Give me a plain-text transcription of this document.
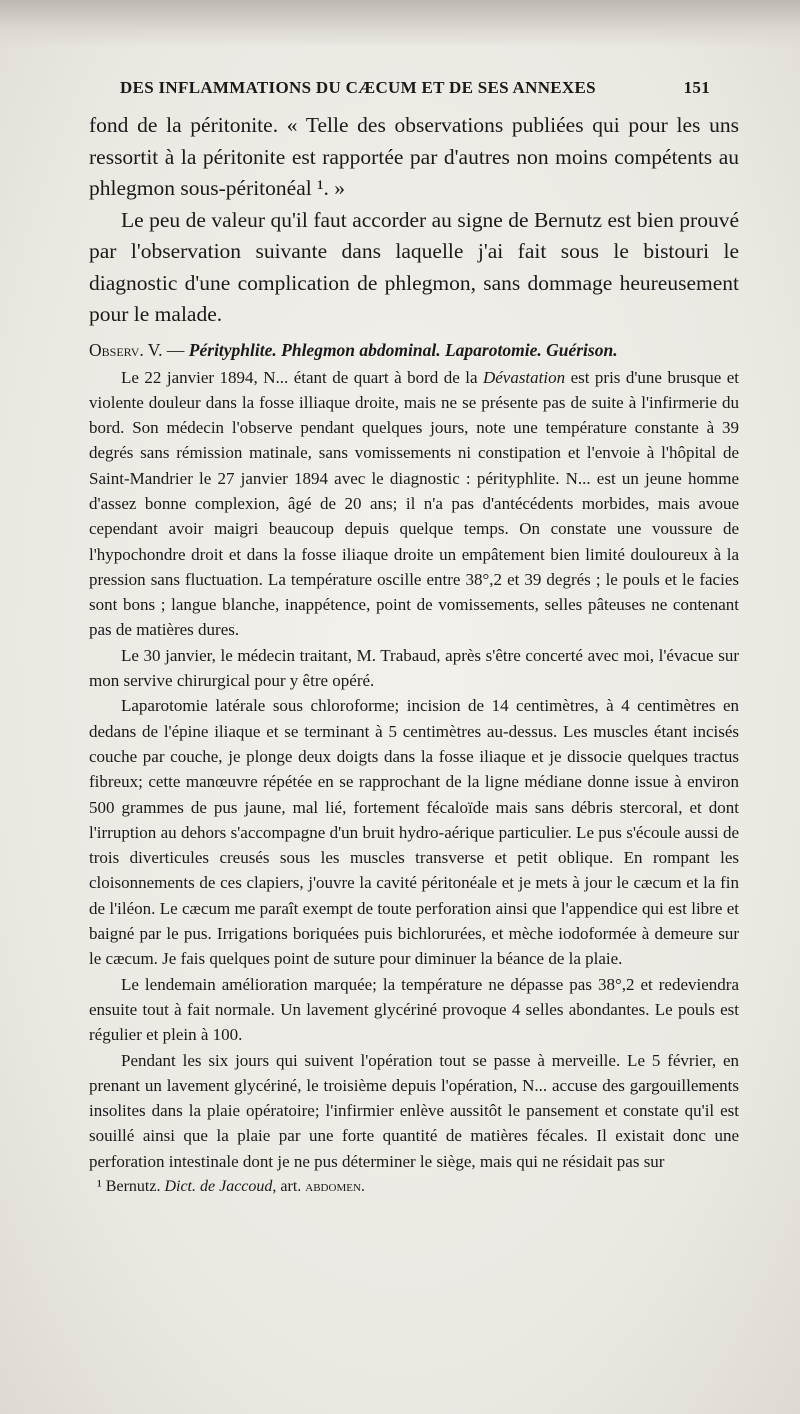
DES INFLAMMATIONS DU CÆCUM ET DE SES ANNEXES	151

fond de la péritonite. « Telle des observations publiées qui pour les uns ressortit à la péritonite est rapportée par d'autres non moins compétents au phlegmon sous-péritonéal ¹. »

Le peu de valeur qu'il faut accorder au signe de Bernutz est bien prouvé par l'observation suivante dans laquelle j'ai fait sous le bistouri le diagnostic d'une complication de phlegmon, sans dommage heureusement pour le malade.

Observ. V. — Pérityphlite. Phlegmon abdominal. Laparotomie. Guérison.

Le 22 janvier 1894, N... étant de quart à bord de la Dévastation est pris d'une brusque et violente douleur dans la fosse illiaque droite, mais ne se présente pas de suite à l'infirmerie du bord. Son médecin l'observe pendant quelques jours, note une température constante à 39 degrés sans rémission matinale, sans vomissements ni constipation et l'envoie à l'hôpital de Saint-Mandrier le 27 janvier 1894 avec le diagnostic : pérityphlite. N... est un jeune homme d'assez bonne complexion, âgé de 20 ans; il n'a pas d'antécédents morbides, mais avoue cependant avoir maigri beaucoup depuis quelque temps. On constate une voussure de l'hypochondre droit et dans la fosse iliaque droite un empâtement bien limité douloureux à la pression sans fluctuation. La température oscille entre 38°,2 et 39 degrés ; le pouls et le facies sont bons ; langue blanche, inappétence, point de vomissements, selles pâteuses ne contenant pas de matières dures.

Le 30 janvier, le médecin traitant, M. Trabaud, après s'être concerté avec moi, l'évacue sur mon servive chirurgical pour y être opéré.

Laparotomie latérale sous chloroforme; incision de 14 centimètres, à 4 centimètres en dedans de l'épine iliaque et se terminant à 5 centimètres au-dessus. Les muscles étant incisés couche par couche, je plonge deux doigts dans la fosse iliaque et je dissocie quelques tractus fibreux; cette manœuvre répétée en se rapprochant de la ligne médiane donne issue à environ 500 grammes de pus jaune, mal lié, fortement fécaloïde mais sans débris stercoral, et dont l'irruption au dehors s'accompagne d'un bruit hydro-aérique particulier. Le pus s'écoule aussi de trois diverticules creusés sous les muscles transverse et petit oblique. En rompant les cloisonnements de ces clapiers, j'ouvre la cavité péritonéale et je mets à jour le cæcum et la fin de l'iléon. Le cæcum me paraît exempt de toute perforation ainsi que l'appendice qui est libre et baigné par le pus. Irrigations boriquées puis bichlorurées, et mèche iodoformée à demeure sur le cæcum. Je fais quelques point de suture pour diminuer la béance de la plaie.

Le lendemain amélioration marquée; la température ne dépasse pas 38°,2 et redeviendra ensuite tout à fait normale. Un lavement glycériné provoque 4 selles abondantes. Le pouls est régulier et plein à 100.

Pendant les six jours qui suivent l'opération tout se passe à merveille. Le 5 février, en prenant un lavement glycériné, le troisième depuis l'opération, N... accuse des gargouillements insolites dans la plaie opératoire; l'infirmier enlève aussitôt le pansement et constate qu'il est souillé ainsi que la plaie par une forte quantité de matières fécales. Il existait donc une perforation intestinale dont je ne pus déterminer le siège, mais qui ne résidait pas sur

¹ Bernutz. Dict. de Jaccoud, art. abdomen.
